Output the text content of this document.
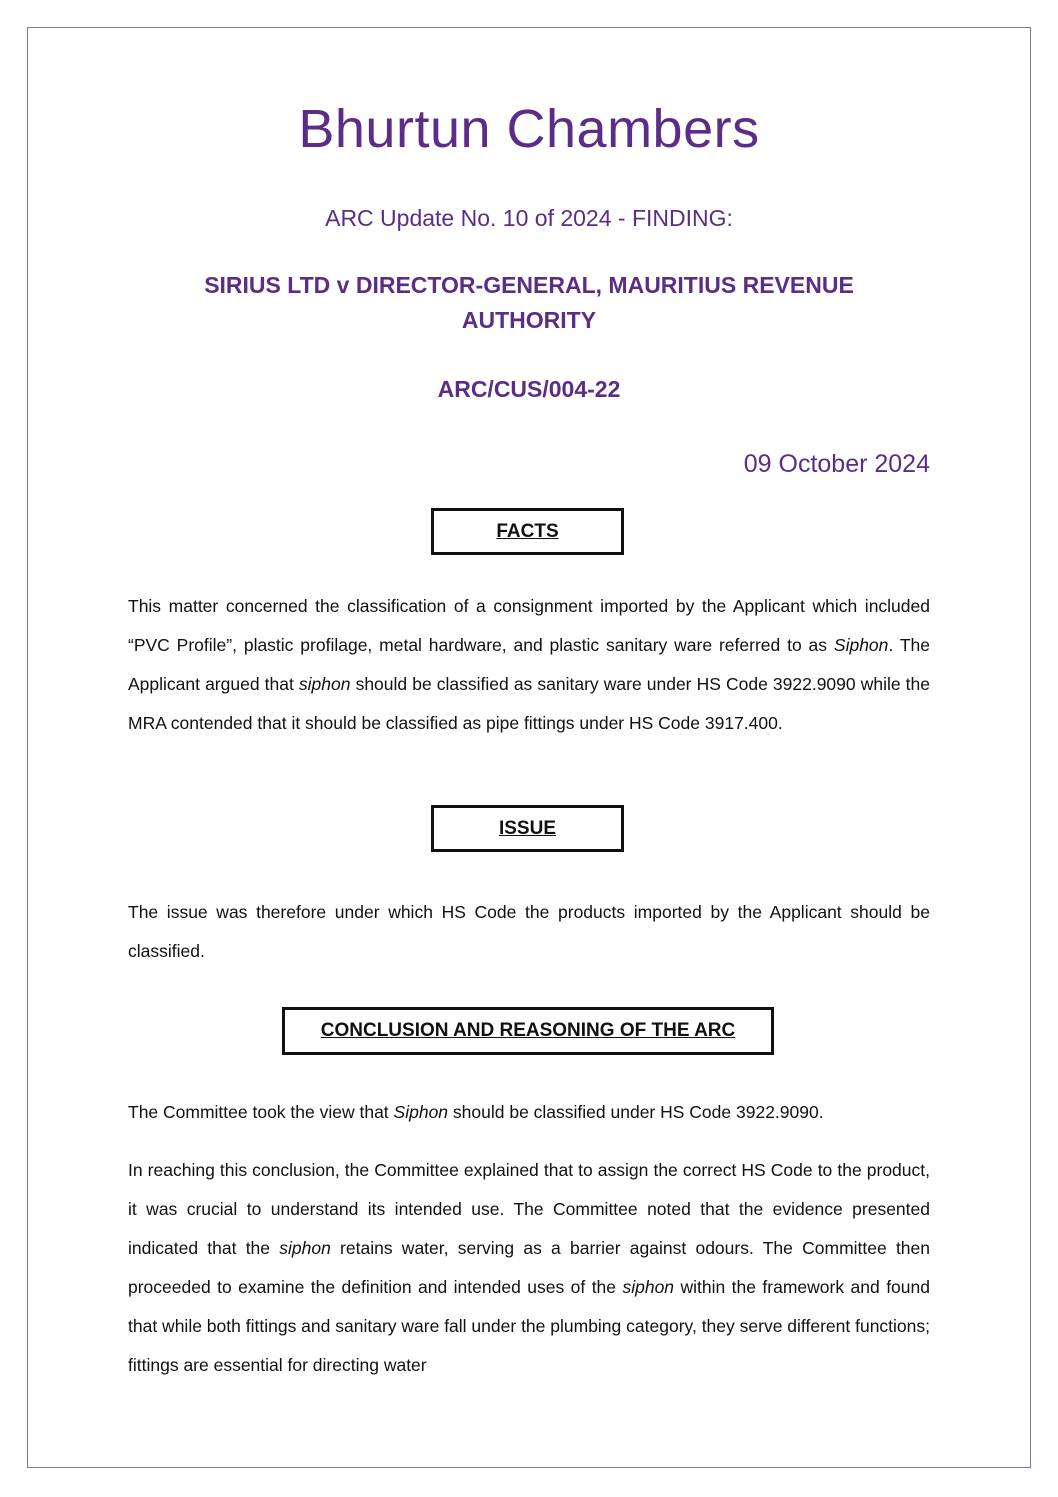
Bhurtun Chambers
ARC Update No. 10 of 2024 - FINDING:
SIRIUS LTD v DIRECTOR-GENERAL, MAURITIUS REVENUE AUTHORITY
ARC/CUS/004-22
09 October 2024
FACTS
This matter concerned the classification of a consignment imported by the Applicant which included “PVC Profile”, plastic profilage, metal hardware, and plastic sanitary ware referred to as Siphon. The Applicant argued that siphon should be classified as sanitary ware under HS Code 3922.9090 while the MRA contended that it should be classified as pipe fittings under HS Code 3917.400.
ISSUE
The issue was therefore under which HS Code the products imported by the Applicant should be classified.
CONCLUSION AND REASONING OF THE ARC
The Committee took the view that Siphon should be classified under HS Code 3922.9090.
In reaching this conclusion, the Committee explained that to assign the correct HS Code to the product, it was crucial to understand its intended use. The Committee noted that the evidence presented indicated that the siphon retains water, serving as a barrier against odours. The Committee then proceeded to examine the definition and intended uses of the siphon within the framework and found that while both fittings and sanitary ware fall under the plumbing category, they serve different functions; fittings are essential for directing water
